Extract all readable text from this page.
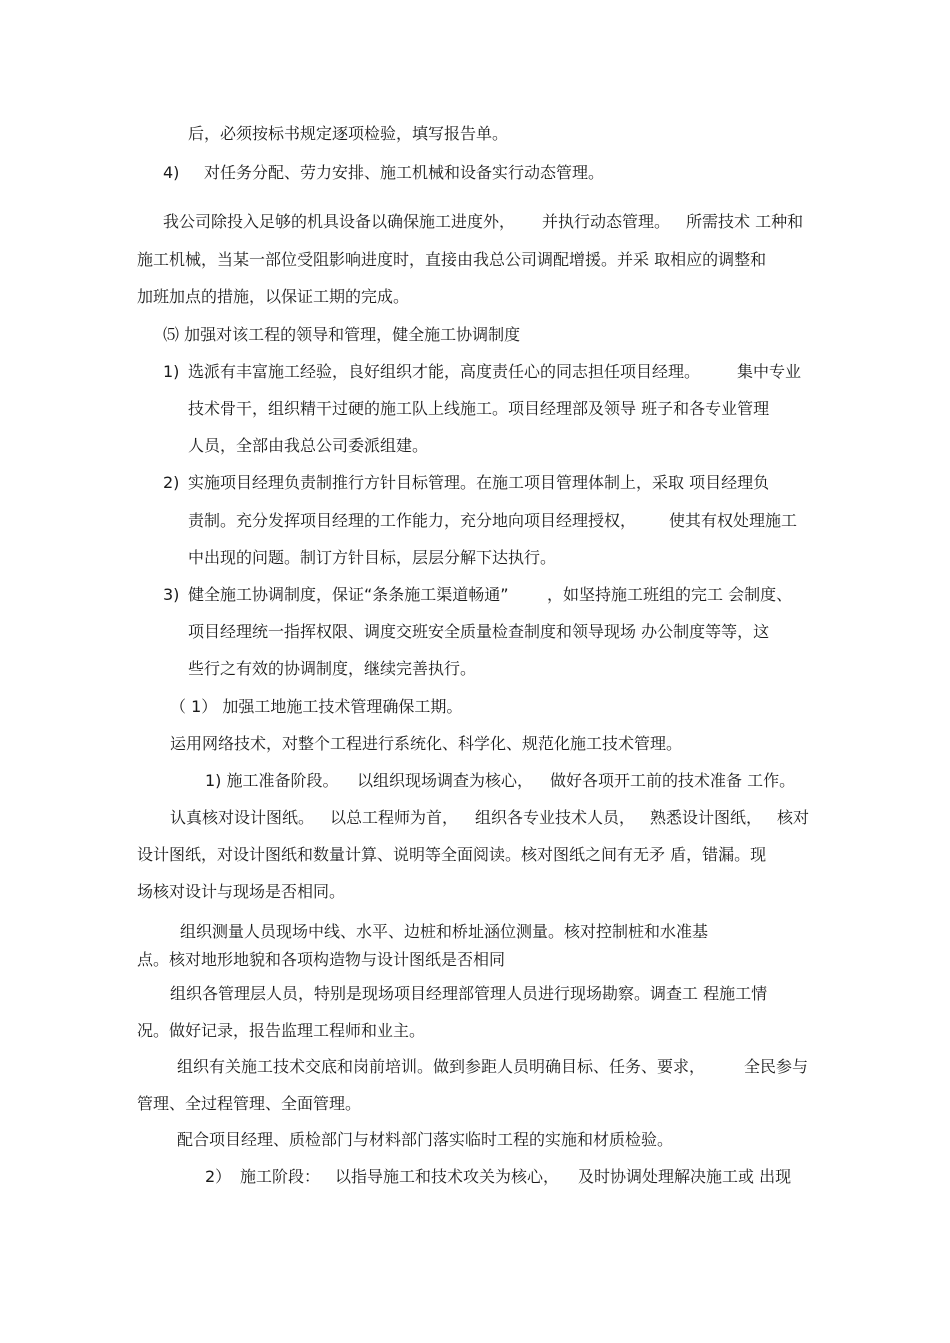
后，必须按标书规定逐项检验，填写报告单。
4) 对任务分配、劳力安排、施工机械和设备实行动态管理。
我公司除投入足够的机具设备以确保施工进度外， 并执行动态管理。 所需技术 工种和
施工机械，当某一部位受阻影响进度时，直接由我总公司调配增援。并采 取相应的调整和
加班加点的措施，以保证工期的完成。
⑸ 加强对该工程的领导和管理，健全施工协调制度
1) 选派有丰富施工经验，良好组织才能，高度责任心的同志担任项目经理。 集中专业
技术骨干，组织精干过硬的施工队上线施工。项目经理部及领导 班子和各专业管理
人员，全部由我总公司委派组建。
2) 实施项目经理负责制推行方针目标管理。在施工项目管理体制上，采取 项目经理负
责制。充分发挥项目经理的工作能力，充分地向项目经理授权， 使其有权处理施工
中出现的问题。制订方针目标，层层分解下达执行。
3) 健全施工协调制度，保证“条条施工渠道畅通” ，如坚持施工班组的完工 会制度、
项目经理统一指挥权限、调度交班安全质量检查制度和领导现场 办公制度等等，这
些行之有效的协调制度，继续完善执行。
（ 1） 加强工地施工技术管理确保工期。
运用网络技术，对整个工程进行系统化、科学化、规范化施工技术管理。
1) 施工准备阶段。 以组织现场调查为核心， 做好各项开工前的技术准备 工作。
认真核对设计图纸。 以总工程师为首， 组织各专业技术人员， 熟悉设计图纸， 核对
设计图纸，对设计图纸和数量计算、说明等全面阅读。核对图纸之间有无矛 盾，错漏。现
场核对设计与现场是否相同。
组织测量人员现场中线、水平、边桩和桥址涵位测量。核对控制桩和水准基
点。核对地形地貌和各项构造物与设计图纸是否相同
组织各管理层人员，特别是现场项目经理部管理人员进行现场勘察。调查工 程施工情
况。做好记录，报告监理工程师和业主。
组织有关施工技术交底和岗前培训。做到参距人员明确目标、任务、要求， 全民参与
管理、全过程管理、全面管理。
配合项目经理、质检部门与材料部门落实临时工程的实施和材质检验。
2） 施工阶段： 以指导施工和技术攻关为核心， 及时协调处理解决施工或 出现
